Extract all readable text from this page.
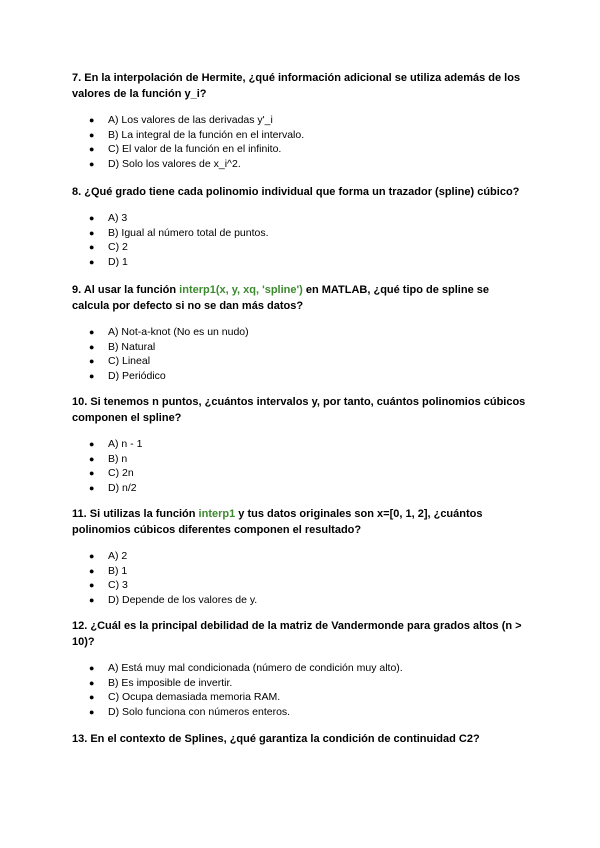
7. En la interpolación de Hermite, ¿qué información adicional se utiliza además de los valores de la función y_i?

● A) Los valores de las derivadas y'_i
● B) La integral de la función en el intervalo.
● C) El valor de la función en el infinito.
● D) Solo los valores de x_i^2.

8. ¿Qué grado tiene cada polinomio individual que forma un trazador (spline) cúbico?

● A) 3
● B) Igual al número total de puntos.
● C) 2
● D) 1

9. Al usar la función interp1(x, y, xq, 'spline') en MATLAB, ¿qué tipo de spline se calcula por defecto si no se dan más datos?

● A) Not-a-knot (No es un nudo)
● B) Natural
● C) Lineal
● D) Periódico

10. Si tenemos n puntos, ¿cuántos intervalos y, por tanto, cuántos polinomios cúbicos componen el spline?

● A) n - 1
● B) n
● C) 2n
● D) n/2

11. Si utilizas la función interp1 y tus datos originales son x=[0, 1, 2], ¿cuántos polinomios cúbicos diferentes componen el resultado?

● A) 2
● B) 1
● C) 3
● D) Depende de los valores de y.

12. ¿Cuál es la principal debilidad de la matriz de Vandermonde para grados altos (n > 10)?

● A) Está muy mal condicionada (número de condición muy alto).
● B) Es imposible de invertir.
● C) Ocupa demasiada memoria RAM.
● D) Solo funciona con números enteros.

13. En el contexto de Splines, ¿qué garantiza la condición de continuidad C2?
